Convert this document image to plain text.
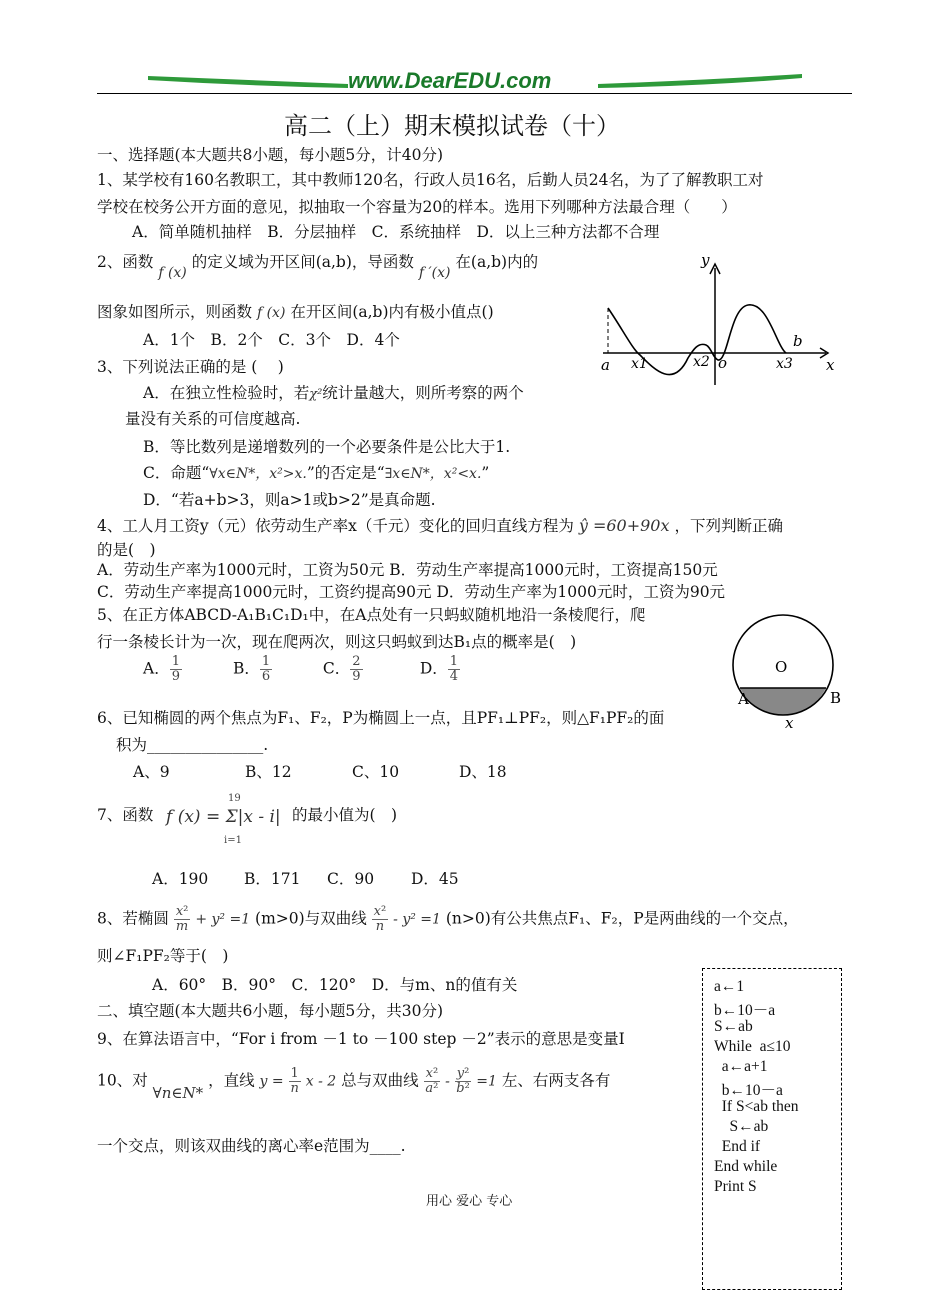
www.DearEDU.com
高二（上）期末模拟试卷（十）
一、选择题(本大题共8小题，每小题5分，计40分)
1、某学校有160名教职工，其中教师120名，行政人员16名，后勤人员24名，为了了解教职工对
学校在校务公开方面的意见，拟抽取一个容量为20的样本。选用下列哪种方法最合理（　　）
A．简单随机抽样　B．分层抽样　C．系统抽样　D．以上三种方法都不合理
2、函数 f (x) 的定义域为开区间(a,b)，导函数 f ′(x) 在(a,b)内的
图象如图所示，则函数 f (x) 在开区间(a,b)内有极小值点()
A．1个　B．2个　C．3个　D．4个
y
x
a
b
o
x1	x2	x3
3、下列说法正确的是 (　 )
A．在独立性检验时，若χ²统计量越大，则所考察的两个
量没有关系的可信度越高.
B．等比数列是递增数列的一个必要条件是公比大于1.
C．命题“∀x∈N*，x²>x.”的否定是“∃x∈N*，x²<x.”
D．“若a+b>3，则a>1或b>2”是真命题.
4、工人月工资y（元）依劳动生产率x（千元）变化的回归直线方程为 ŷ =60+90x ，下列判断正确
的是(　)
A．劳动生产率为1000元时，工资为50元 B．劳动生产率提高1000元时，工资提高150元
C．劳动生产率提高1000元时，工资约提高90元 D．劳动生产率为1000元时，工资为90元
5、在正方体ABCD-A₁B₁C₁D₁中，在A点处有一只蚂蚁随机地沿一条棱爬行，爬
行一条棱长计为一次，现在爬两次，则这只蚂蚁到达B₁点的概率是(　)
A． $\frac{1}{9}$	B． $\frac{1}{6}$	C． $\frac{2}{9}$	D． $\frac{1}{4}$	O
A	B
x
6、已知椭圆的两个焦点为F₁、F₂，P为椭圆上一点，且PF₁⊥PF₂，则△F₁PF₂的面
积为_______________.
A、9	B、12	C、10	D、18
7、函数
19
f (x) = Σ|x - i|
i=1
的最小值为(　)
A．190 B．171 C．90 D．45
8、若椭圆 $\frac{\text{x²}}{m} + y^2 =1$ (m>0)与双曲线 $\frac{\text{x²}}{n} - y^2 =1$ (n>0)有公共焦点F₁、F₂，P是两曲线的一个交点，
则∠F₁PF₂等于(　)
A．60°　B．90°　C．120°　D．与m、n的值有关
二、填空题(本大题共6小题，每小题5分，共30分)
9、在算法语言中，“For i from －1 to －100 step －2”表示的意思是变量I
10、对 ∀n∈N* ，直线 $y = \frac{1}{n}$ x - 2 总与双曲线 $\frac{\text{x²}}{\text{a²}} - \frac{\text{y²}}{\text{b²}} =1$ 左、右两支各有
一个交点，则该双曲线的离心率e范围为____.
a←1
b←10－a
S←ab
While  a≤10
a←a+1
b←10－a
If S<ab then
S←ab
End if
End while
Print S
用心 爱心 专心
